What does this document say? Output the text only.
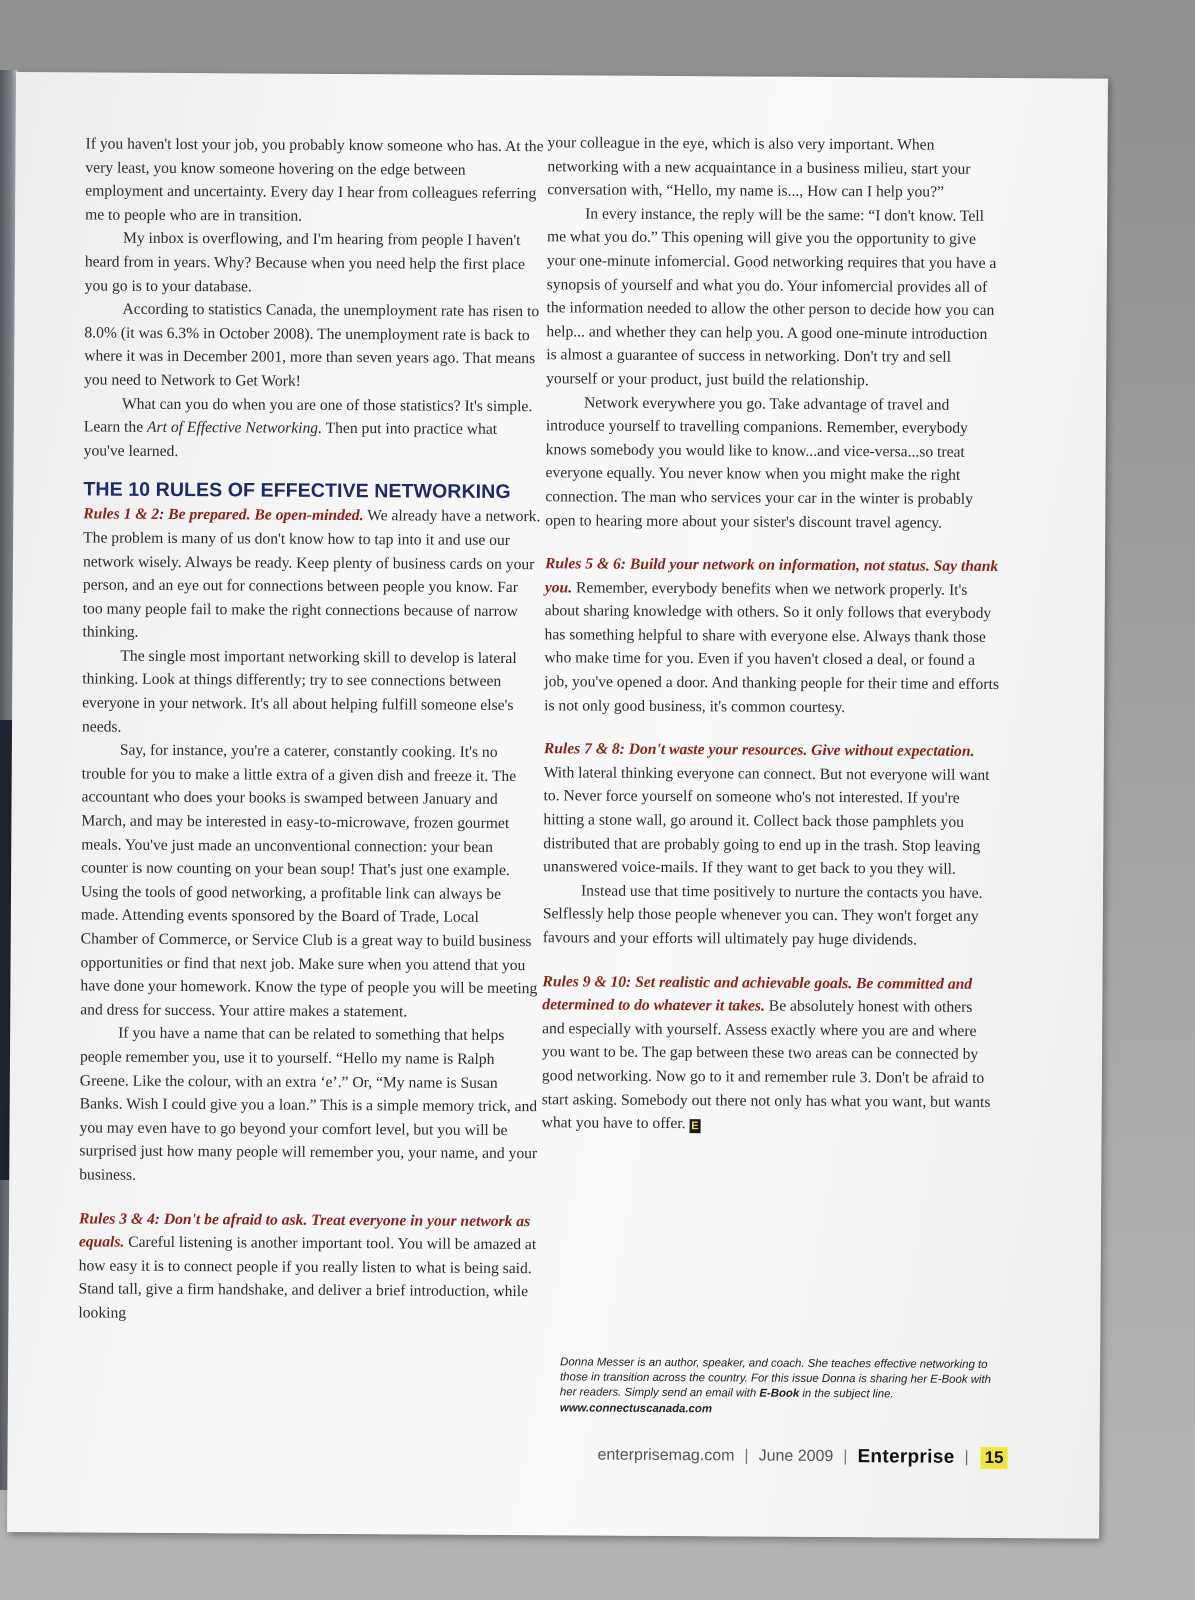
If you haven't lost your job, you probably know someone who has. At the very least, you know someone hovering on the edge between employment and uncertainty. Every day I hear from colleagues referring me to people who are in transition.

My inbox is overflowing, and I'm hearing from people I haven't heard from in years. Why? Because when you need help the first place you go is to your database.

According to statistics Canada, the unemployment rate has risen to 8.0% (it was 6.3% in October 2008). The unemployment rate is back to where it was in December 2001, more than seven years ago. That means you need to Network to Get Work!

What can you do when you are one of those statistics? It's simple. Learn the Art of Effective Networking. Then put into practice what you've learned.

THE 10 RULES OF EFFECTIVE NETWORKING

Rules 1 & 2: Be prepared. Be open-minded. We already have a network. The problem is many of us don't know how to tap into it and use our network wisely. Always be ready. Keep plenty of business cards on your person, and an eye out for connections between people you know. Far too many people fail to make the right connections because of narrow thinking.

The single most important networking skill to develop is lateral thinking. Look at things differently; try to see connections between everyone in your network. It's all about helping fulfill someone else's needs.

Say, for instance, you're a caterer, constantly cooking. It's no trouble for you to make a little extra of a given dish and freeze it. The accountant who does your books is swamped between January and March, and may be interested in easy-to-microwave, frozen gourmet meals. You've just made an unconventional connection: your bean counter is now counting on your bean soup! That's just one example. Using the tools of good networking, a profitable link can always be made. Attending events sponsored by the Board of Trade, Local Chamber of Commerce, or Service Club is a great way to build business opportunities or find that next job. Make sure when you attend that you have done your homework. Know the type of people you will be meeting and dress for success. Your attire makes a statement.

If you have a name that can be related to something that helps people remember you, use it to yourself. “Hello my name is Ralph Greene. Like the colour, with an extra ‘e’.” Or, “My name is Susan Banks. Wish I could give you a loan.” This is a simple memory trick, and you may even have to go beyond your comfort level, but you will be surprised just how many people will remember you, your name, and your business.

Rules 3 & 4: Don't be afraid to ask. Treat everyone in your network as equals. Careful listening is another important tool. You will be amazed at how easy it is to connect people if you really listen to what is being said. Stand tall, give a firm handshake, and deliver a brief introduction, while looking

your colleague in the eye, which is also very important. When networking with a new acquaintance in a business milieu, start your conversation with, “Hello, my name is..., How can I help you?”

In every instance, the reply will be the same: “I don't know. Tell me what you do.” This opening will give you the opportunity to give your one-minute infomercial. Good networking requires that you have a synopsis of yourself and what you do. Your infomercial provides all of the information needed to allow the other person to decide how you can help... and whether they can help you. A good one-minute introduction is almost a guarantee of success in networking. Don't try and sell yourself or your product, just build the relationship.

Network everywhere you go. Take advantage of travel and introduce yourself to travelling companions. Remember, everybody knows somebody you would like to know...and vice-versa...so treat everyone equally. You never know when you might make the right connection. The man who services your car in the winter is probably open to hearing more about your sister's discount travel agency.

Rules 5 & 6: Build your network on information, not status. Say thank you. Remember, everybody benefits when we network properly. It's about sharing knowledge with others. So it only follows that everybody has something helpful to share with everyone else. Always thank those who make time for you. Even if you haven't closed a deal, or found a job, you've opened a door. And thanking people for their time and efforts is not only good business, it's common courtesy.

Rules 7 & 8: Don't waste your resources. Give without expectation. With lateral thinking everyone can connect. But not everyone will want to. Never force yourself on someone who's not interested. If you're hitting a stone wall, go around it. Collect back those pamphlets you distributed that are probably going to end up in the trash. Stop leaving unanswered voice-mails. If they want to get back to you they will.

Instead use that time positively to nurture the contacts you have. Selflessly help those people whenever you can. They won't forget any favours and your efforts will ultimately pay huge dividends.

Rules 9 & 10: Set realistic and achievable goals. Be committed and determined to do whatever it takes. Be absolutely honest with others and especially with yourself. Assess exactly where you are and where you want to be. The gap between these two areas can be connected by good networking. Now go to it and remember rule 3. Don't be afraid to start asking. Somebody out there not only has what you want, but wants what you have to offer. E

Donna Messer is an author, speaker, and coach. She teaches effective networking to those in transition across the country. For this issue Donna is sharing her E-Book with her readers. Simply send an email with E-Book in the subject line.
www.connectuscanada.com
enterprisemag.com | June 2009 | Enterprise | 15
